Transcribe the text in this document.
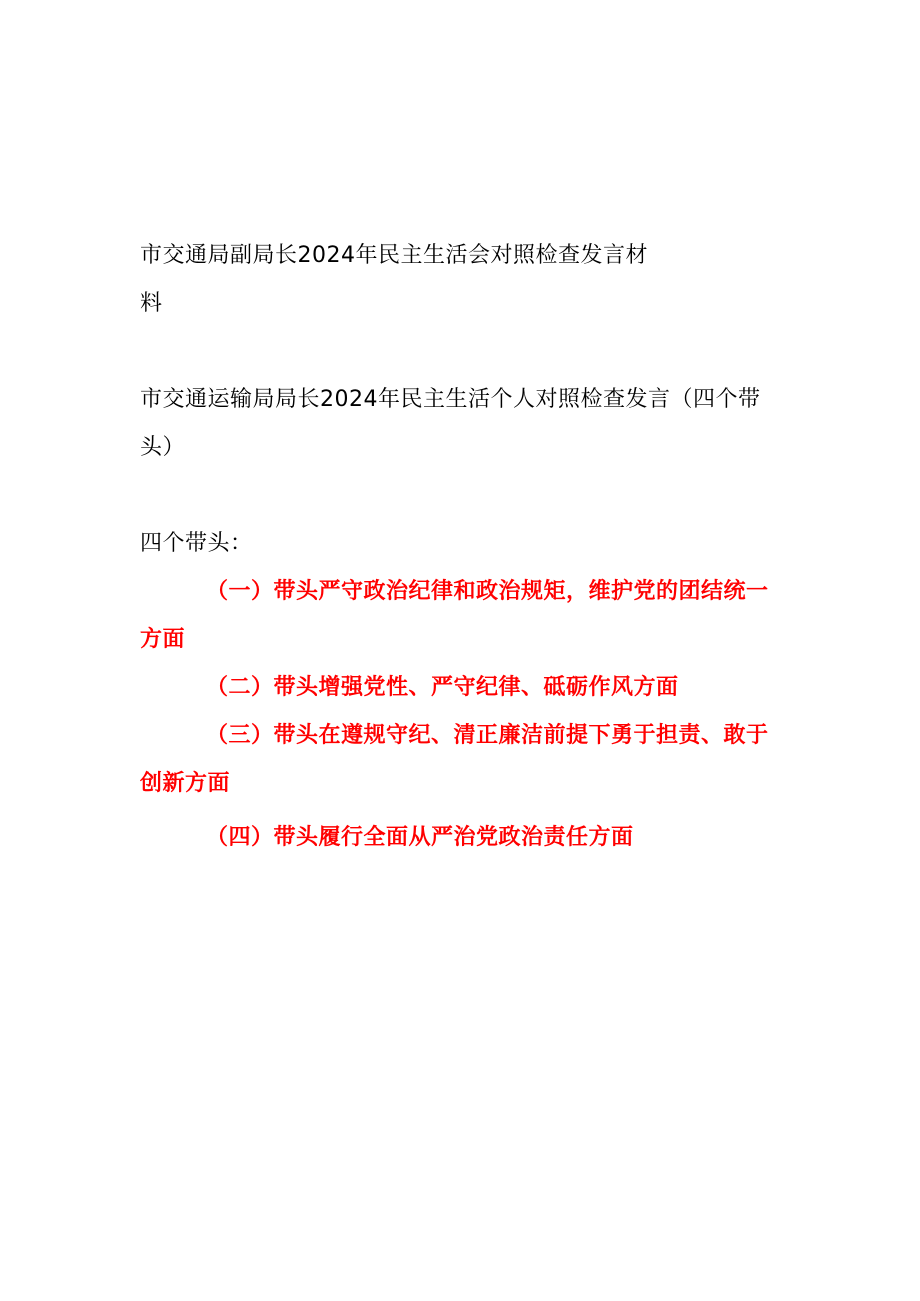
市交通局副局长2024年民主生活会对照检查发言材料

市交通运输局局长2024年民主生活个人对照检查发言（四个带头）

四个带头：

（一）带头严守政治纪律和政治规矩，维护党的团结统一方面

（二）带头增强党性、严守纪律、砥砺作风方面

（三）带头在遵规守纪、清正廉洁前提下勇于担责、敢于创新方面

（四）带头履行全面从严治党政治责任方面
